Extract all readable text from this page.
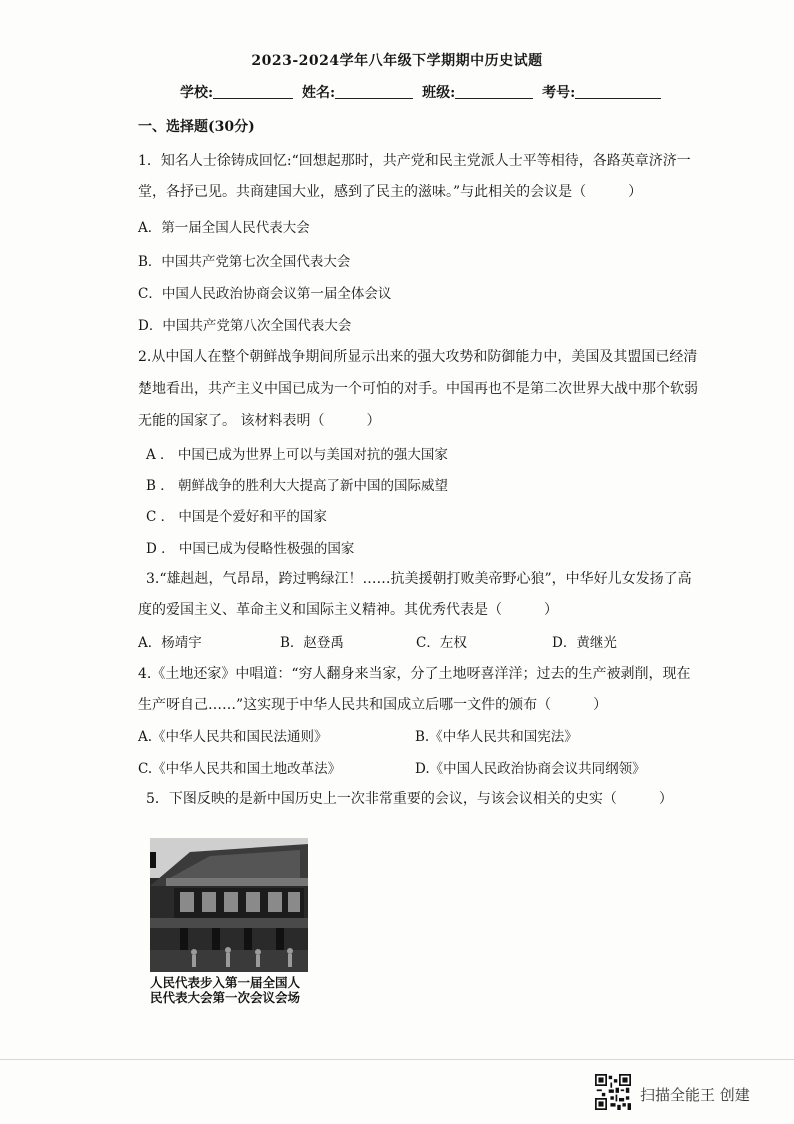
2023-2024学年八年级下学期期中历史试题
学校:	姓名:	班级:	考号:
一、选择题(30分)
1．知名人士徐铸成回忆:“回想起那时，共产党和民主党派人士平等相待，各路英章济济一
堂，各抒已见。共商建国大业，感到了民主的滋味。”与此相关的会议是（　　　）
A．第一届全国人民代表大会
B．中国共产党第七次全国代表大会
C．中国人民政治协商会议第一届全体会议
D．中国共产党第八次全国代表大会
2.从中国人在整个朝鲜战争期间所显示出来的强大攻势和防御能力中，美国及其盟国已经清
楚地看出，共产主义中国已成为一个可怕的对手。中国再也不是第二次世界大战中那个软弱
无能的国家了。 该材料表明（　　　）
A ． 中国已成为世界上可以与美国对抗的强大国家
B ． 朝鲜战争的胜利大大提高了新中国的国际威望
C ． 中国是个爱好和平的国家
D ． 中国已成为侵略性极强的国家
3.“雄赳赳，气昂昂，跨过鸭绿江！……抗美援朝打败美帝野心狼”，中华好儿女发扬了高
度的爱国主义、革命主义和国际主义精神。其优秀代表是（　　　）
A．杨靖宇	B．赵登禹	C．左权	D．黄继光
4.《土地还家》中唱道：“穷人翻身来当家，分了土地呀喜洋洋；过去的生产被剥削，现在
生产呀自己……”这实现于中华人民共和国成立后哪一文件的颁布（　　　）
A.《中华人民共和国民法通则》	B.《中华人民共和国宪法》
C.《中华人民共和国土地改革法》	D.《中国人民政治协商会议共同纲领》
5．下图反映的是新中国历史上一次非常重要的会议，与该会议相关的史实（　　　）
人民代表步入第一届全国人民代表大会第一次会议会场
扫描全能王 创建
